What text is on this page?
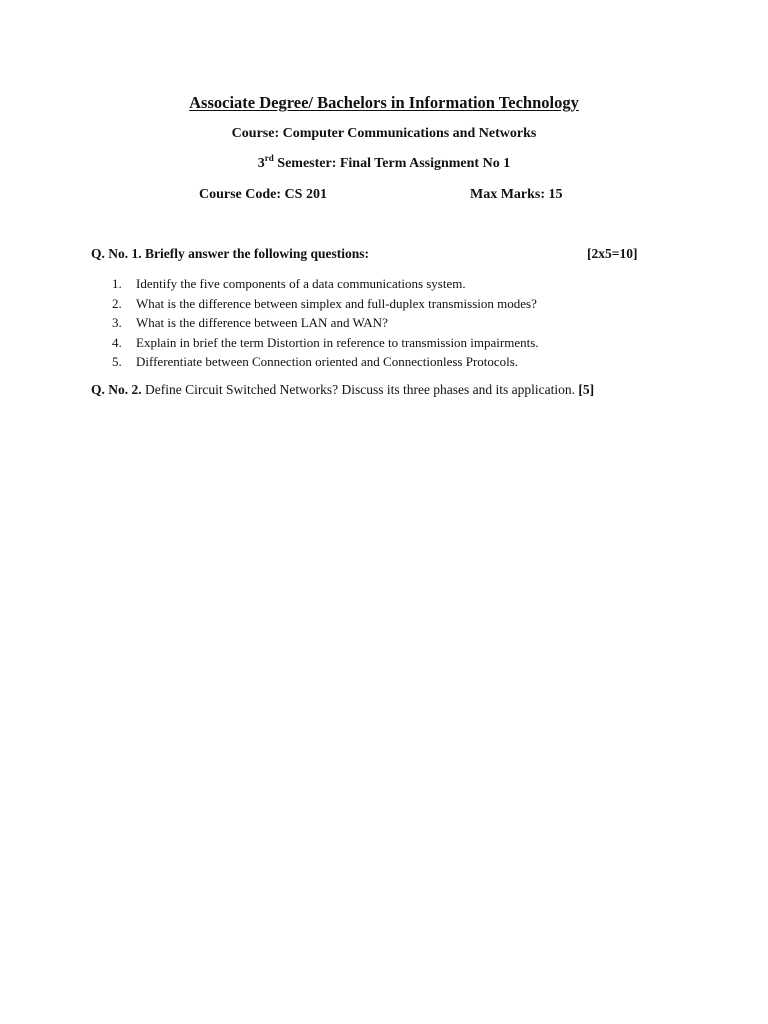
Associate Degree/ Bachelors in Information Technology
Course: Computer Communications and Networks
3rd Semester: Final Term Assignment No 1
Course Code: CS 201	Max Marks: 15
Q. No. 1. Briefly answer the following questions:	[2x5=10]
1. Identify the five components of a data communications system.
2. What is the difference between simplex and full-duplex transmission modes?
3. What is the difference between LAN and WAN?
4. Explain in brief the term Distortion in reference to transmission impairments.
5. Differentiate between Connection oriented and Connectionless Protocols.
Q. No. 2. Define Circuit Switched Networks? Discuss its three phases and its application. [5]
